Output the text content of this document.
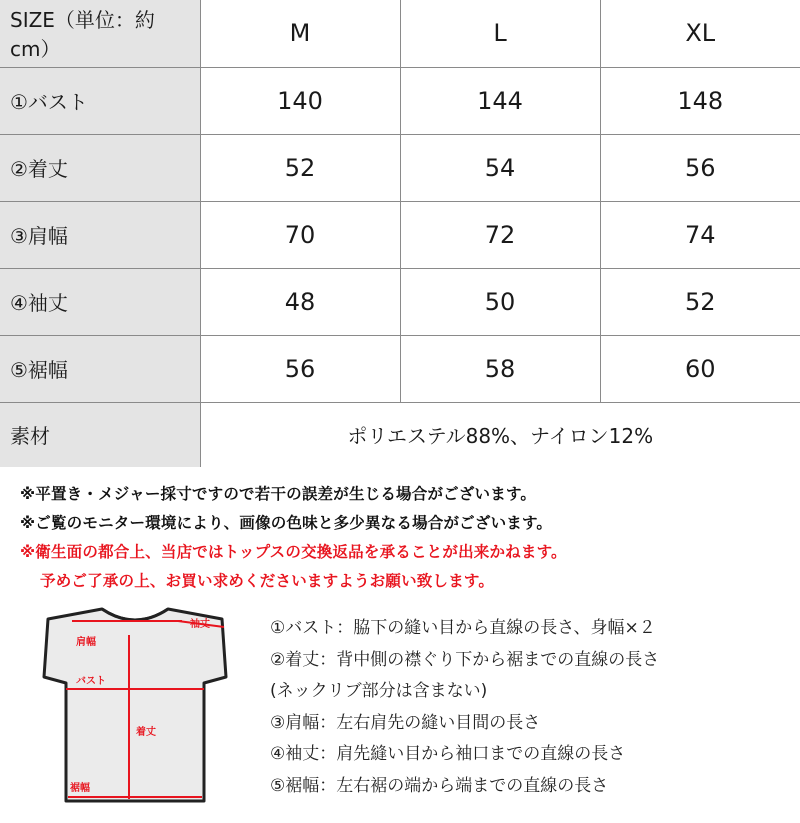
SIZE（単位：約 cm）	M	L	XL
①バスト	140	144	148
②着丈	52	54	56
③肩幅	70	72	74
④袖丈	48	50	52
⑤裾幅	56	58	60
素材	ポリエステル88%、ナイロン12%		
※平置き・メジャー採寸ですので若干の誤差が生じる場合がございます。
※ご覧のモニター環境により、画像の色味と多少異なる場合がございます。
※衛生面の都合上、当店ではトップスの交換返品を承ることが出来かねます。
予めご了承の上、お買い求めくださいますようお願い致します。
袖丈
肩幅
バスト
着丈
裾幅
①バスト：脇下の縫い目から直線の長さ、身幅×２
②着丈：背中側の襟ぐり下から裾までの直線の長さ
(ネックリブ部分は含まない)
③肩幅：左右肩先の縫い目間の長さ
④袖丈：肩先縫い目から袖口までの直線の長さ
⑤裾幅：左右裾の端から端までの直線の長さ
